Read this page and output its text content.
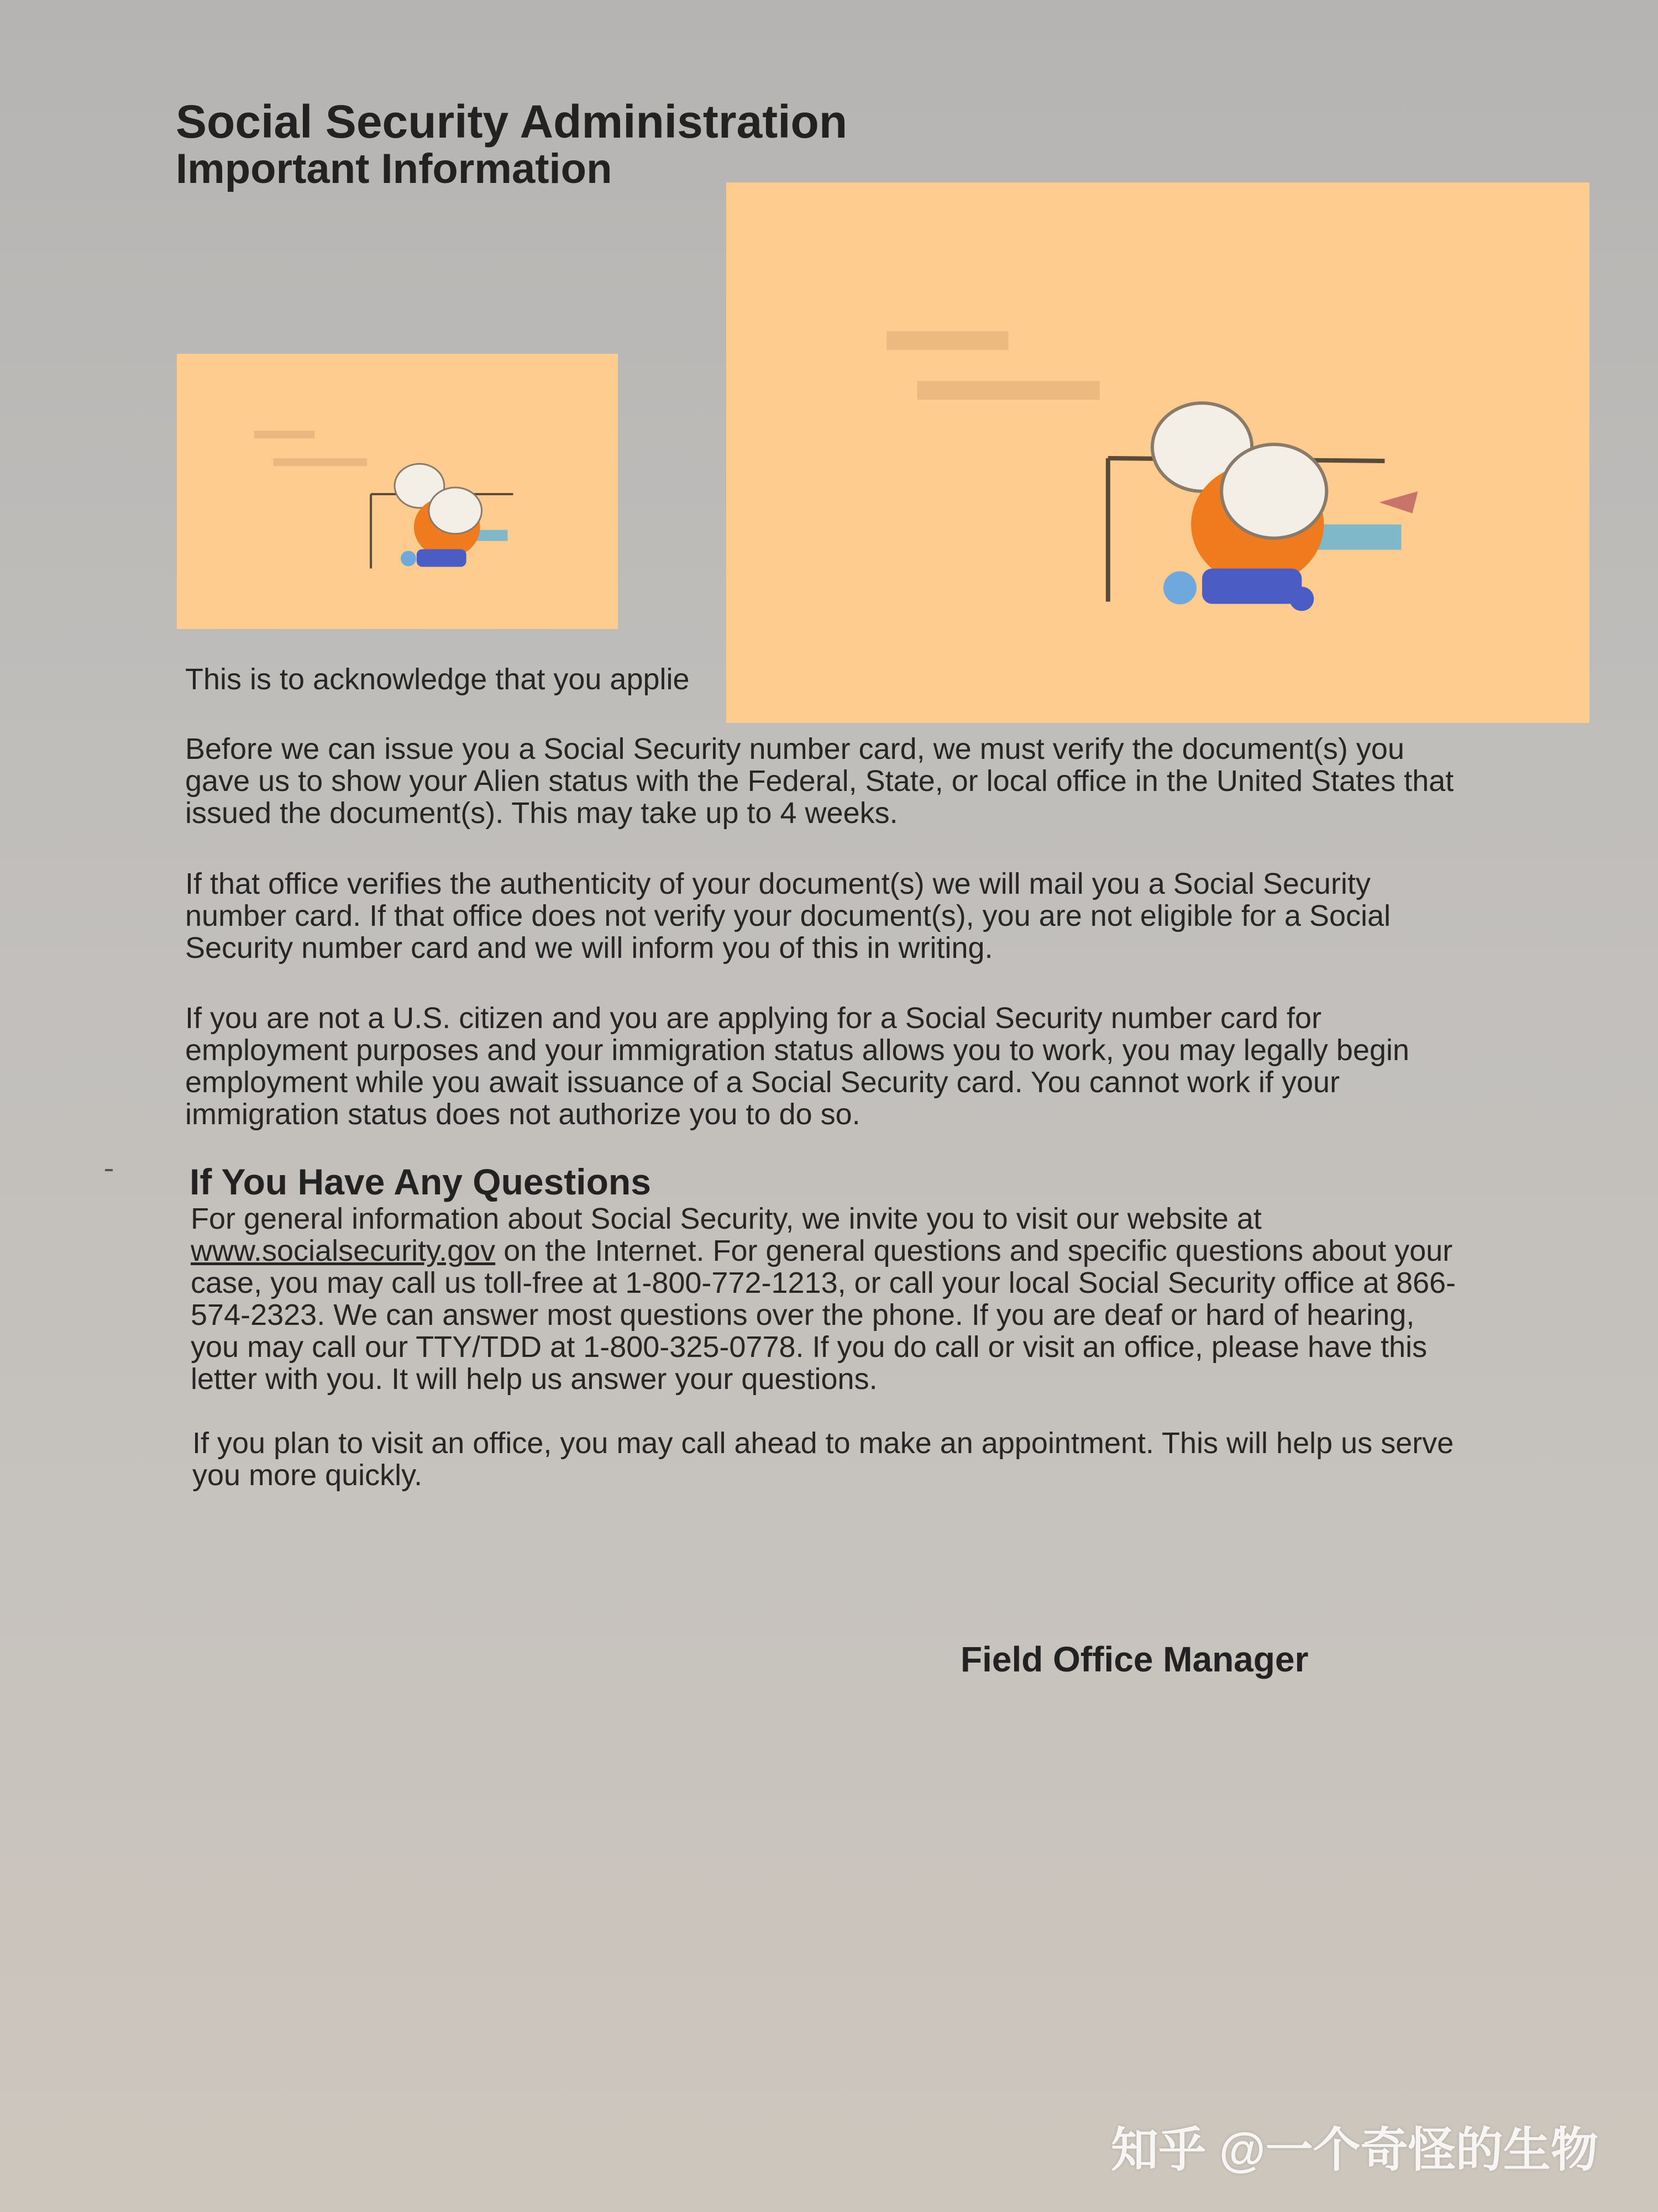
Social Security Administration
Important Information
This is to acknowledge that you applie
Before we can issue you a Social Security number card, we must verify the document(s) you
gave us to show your Alien status with the Federal, State, or local office in the United States that
issued the document(s). This may take up to 4 weeks.
If that office verifies the authenticity of your document(s) we will mail you a Social Security
number card. If that office does not verify your document(s), you are not eligible for a Social
Security number card and we will inform you of this in writing.
If you are not a U.S. citizen and you are applying for a Social Security number card for
employment purposes and your immigration status allows you to work, you may legally begin
employment while you await issuance of a Social Security card. You cannot work if your
immigration status does not authorize you to do so.
If You Have Any Questions
For general information about Social Security, we invite you to visit our website at
www.socialsecurity.gov on the Internet. For general questions and specific questions about your
case, you may call us toll-free at 1-800-772-1213, or call your local Social Security office at 866-
574-2323. We can answer most questions over the phone. If you are deaf or hard of hearing,
you may call our TTY/TDD at 1-800-325-0778. If you do call or visit an office, please have this
letter with you. It will help us answer your questions.
If you plan to visit an office, you may call ahead to make an appointment. This will help us serve
you more quickly.
Field Office Manager
知乎 @一个奇怪的生物
